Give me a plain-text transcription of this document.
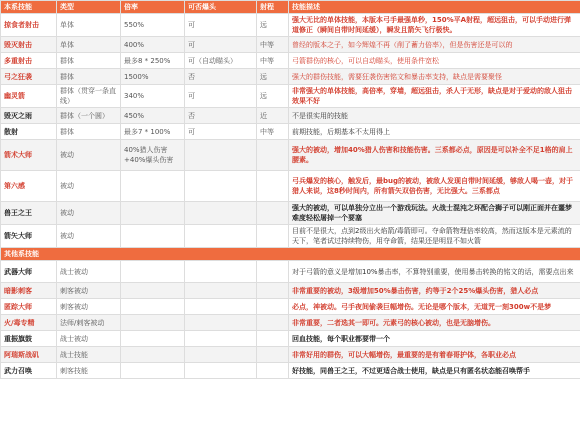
本系技能	类型	倍率	可否爆头	射程	技能描述
掠食者射击	单体	550%	可	远	强大无比的单体技能，本版本弓手最强单秒，150%平A射程，超远狙击，可以手动进行弹道修正（瞬间自带时间延缓），瞬发且箭矢飞行极快。
毁灭射击	单体	400%	可	中等	曾经的版本之子，如今辉煌不再（削了蓄力倍率），但是伤害还是可以的
多重射击	群体	最多8 * 250%	可（自动瞄头）	中等	弓箭群伤的核心，可以自动瞄头，使用条件宽松
弓之狂袭	群体	1500%	否	远	强大的群伤技能，需要狂袭伤害铭文和暴击率支持，缺点是需要聚怪
幽灵箭	群体（贯穿一条直线）	340%	可	远	非常强大的单体技能，高倍率，穿墙，超远狙击，杀人于无形，缺点是对于爱动的敌人狙击效果不好
毁灭之雨	群体（一个圆）	450%	否	近	不是很实用的技能
散射	群体	最多7 * 100%	可	中等	前期技能，后期基本不太用得上
箭术大师	被动	40%猎人伤害 +40%爆头伤害			强大的被动，增加40%猎人伤害和技能伤害。三系都必点，原因是可以补全不足1格的肩上腰素。
第六感	被动				弓兵爆发的核心，触发后，最bug的被动，被敌人发现自带时间延缓，够敌人喝一壶，对于猎人来说，这8秒时间内，所有箭矢双倍伤害，无比强大。三系都点
兽王之王	被动				强大的被动，可以单独分立出一个游戏玩法。火战士混沌之环配合狮子可以刚正面并在噩梦难度轻松屠掉一个要塞
箭矢大师	被动				目前不是很大，点到2级出火焰箭/毒箭即可。夺命箭物理倍率较高，然而这版本是元素流的天下，笔者试过持续物伤，用夺命箭，结果还是明显不如火箭
其他系技能					
武器大师	战士被动				对于弓箭的意义是增加10%暴击率，不算特别重要，使用暴击转换的铭文的话，需要点出来
暗影刺客	刺客被动				非常重要的被动，3级增加50%暴击伤害，约等于2个25%爆头伤害，猎人必点
匿踪大师	刺客被动				必点，神被动。弓手夜间偷袭巨幅增伤。无论是哪个版本，无道咒一刻300w不是梦
火/毒专精	法师/刺客被动				非常重要，二者选其一即可。元素弓的核心被动，也是无脑增伤。
重振旗鼓	战士被动				回血技能，每个职业都要带一个
阿瑞斯战矶	战士技能				非常好用的群伤，可以大幅增伤，最重要的是有着春哥护体，各职业必点
武力召唤	刺客技能				好技能，同兽王之王，不过更适合战士使用，缺点是只有匿名状态能召唤帮手
